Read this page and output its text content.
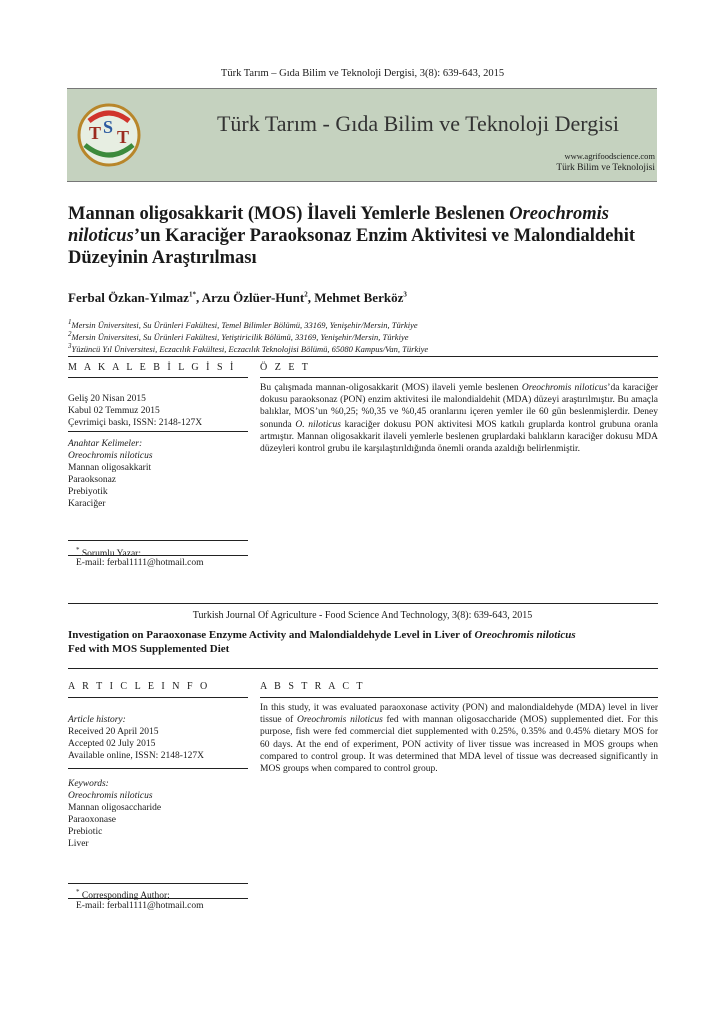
Türk Tarım – Gıda Bilim ve Teknoloji Dergisi, 3(8): 639-643, 2015
T S T
Türk Tarım - Gıda Bilim ve Teknoloji Dergisi
www.agrifoodscience.com
Türk Bilim ve Teknolojisi
Mannan oligosakkarit (MOS) İlaveli Yemlerle Beslenen Oreochromis niloticus’un Karaciğer Paraoksonaz Enzim Aktivitesi ve Malondialdehit Düzeyinin Araştırılması
Ferbal Özkan-Yılmaz$^{1*}$, Arzu Özlüer-Hunt$^2$, Mehmet Berköz$^3$
$^1$Mersin Üniversitesi, Su Ürünleri Fakültesi, Temel Bilimler Bölümü, 33169, Yenişehir/Mersin, Türkiye
$^2$Mersin Üniversitesi, Su Ürünleri Fakültesi, Yetiştiricilik Bölümü, 33169, Yenişehir/Mersin, Türkiye
$^3$Yüzüncü Yıl Üniversitesi, Eczacılık Fakültesi, Eczacılık Teknolojisi Bölümü, 65080 Kampus/Van, Türkiye
M A K A L E B İ L G İ S İ Ö Z E T
Geliş 20 Nisan 2015
Kabul 02 Temmuz 2015
Çevrimiçi baskı, ISSN: 2148-127X
Anahtar Kelimeler:
Oreochromis niloticus
Mannan oligosakkarit
Paraoksonaz
Prebiyotik
Karaciğer
* Sorumlu Yazar:
E-mail: ferbal1111@hotmail.com
Bu çalışmada mannan-oligosakkarit (MOS) ilaveli yemle beslenen Oreochromis niloticus’da karaciğer dokusu paraoksonaz (PON) enzim aktivitesi ile malondialdehit (MDA) düzeyi araştırılmıştır. Bu amaçla balıklar, MOS’un %0,25; %0,35 ve %0,45 oranlarını içeren yemler ile 60 gün beslenmişlerdir. Deney sonunda O. niloticus karaciğer dokusu PON aktivitesi MOS katkılı gruplarda kontrol grubuna oranla artmıştır. Mannan oligosakkarit ilaveli yemlerle beslenen gruplardaki balıkların karaciğer dokusu MDA düzeyleri kontrol grubu ile karşılaştırıldığında önemli oranda azaldığı belirlenmiştir.
Turkish Journal Of Agriculture - Food Science And Technology, 3(8): 639-643, 2015
Investigation on Paraoxonase Enzyme Activity and Malondialdehyde Level in Liver of Oreochromis niloticus
Fed with MOS Supplemented Diet
A R T I C L E I N F O	A B S T R A C T
Article history:
Received 20 April 2015
Accepted 02 July 2015
Available online, ISSN: 2148-127X
Keywords:
Oreochromis niloticus
Mannan oligosaccharide
Paraoxonase
Prebiotic
Liver
* Corresponding Author:
E-mail: ferbal1111@hotmail.com
In this study, it was evaluated paraoxonase activity (PON) and malondialdehyde (MDA) level in liver tissue of Oreochromis niloticus fed with mannan oligosaccharide (MOS) supplemented diet. For this purpose, fish were fed commercial diet supplemented with 0.25%, 0.35% and 0.45% dietary MOS for 60 days. At the end of experiment, PON activity of liver tissue was increased in MOS groups when compared to control group. It was determined that MDA level of tissue was decreased significantly in MOS groups when compared to control group.
